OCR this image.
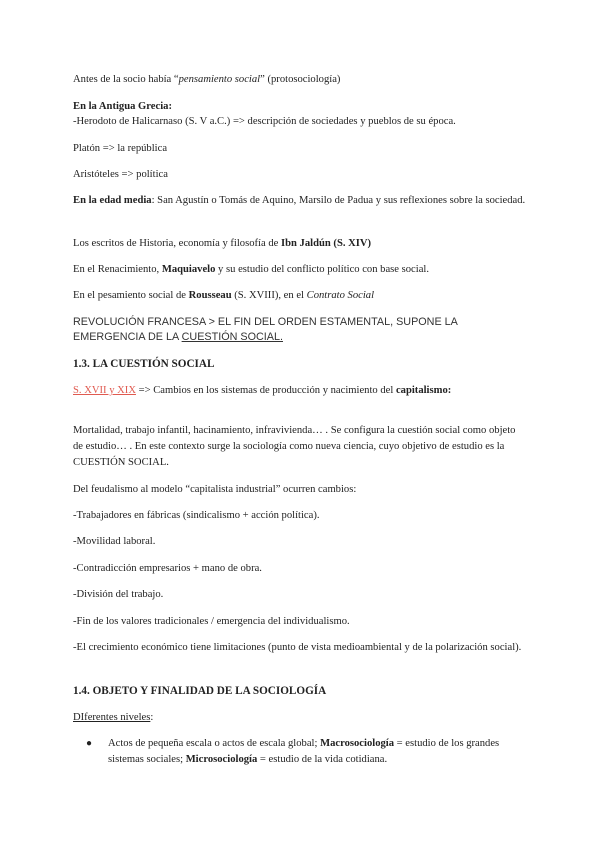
Antes de la socio había “pensamiento social” (protosociología)
En la Antigua Grecia:
-Herodoto de Halicarnaso (S. V a.C.) => descripción de sociedades y pueblos de su época.
Platón => la república
Aristóteles => política
En la edad media: San Agustín o Tomás de Aquino, Marsilo de Padua y sus reflexiones sobre la sociedad.
Los escritos de Historia, economía y filosofía de Ibn Jaldún (S. XIV)
En el Renacimiento, Maquiavelo y su estudio del conflicto político con base social.
En el pesamiento social de Rousseau (S. XVIII), en el Contrato Social
REVOLUCIÓN FRANCESA > EL FIN DEL ORDEN ESTAMENTAL, SUPONE LA EMERGENCIA DE LA CUESTIÓN SOCIAL.
1.3. LA CUESTIÓN SOCIAL
S. XVII y XIX => Cambios en los sistemas de producción y nacimiento del capitalismo:
Mortalidad, trabajo infantil, hacinamiento, infravivienda… . Se configura la cuestión social como objeto de estudio… . En este contexto surge la sociología como nueva ciencia, cuyo objetivo de estudio es la CUESTIÓN SOCIAL.
Del feudalismo al modelo “capitalista industrial” ocurren cambios:
-Trabajadores en fábricas (sindicalismo + acción política).
-Movilidad laboral.
-Contradicción empresarios + mano de obra.
-División del trabajo.
-Fin de los valores tradicionales / emergencia del individualismo.
-El crecimiento económico tiene limitaciones (punto de vista medioambiental y de la polarización social).
1.4. OBJETO Y FINALIDAD DE LA SOCIOLOGÍA
DIferentes niveles:
● Actos de pequeña escala o actos de escala global; Macrosociología = estudio de los grandes sistemas sociales; Microsociología = estudio de la vida cotidiana.
